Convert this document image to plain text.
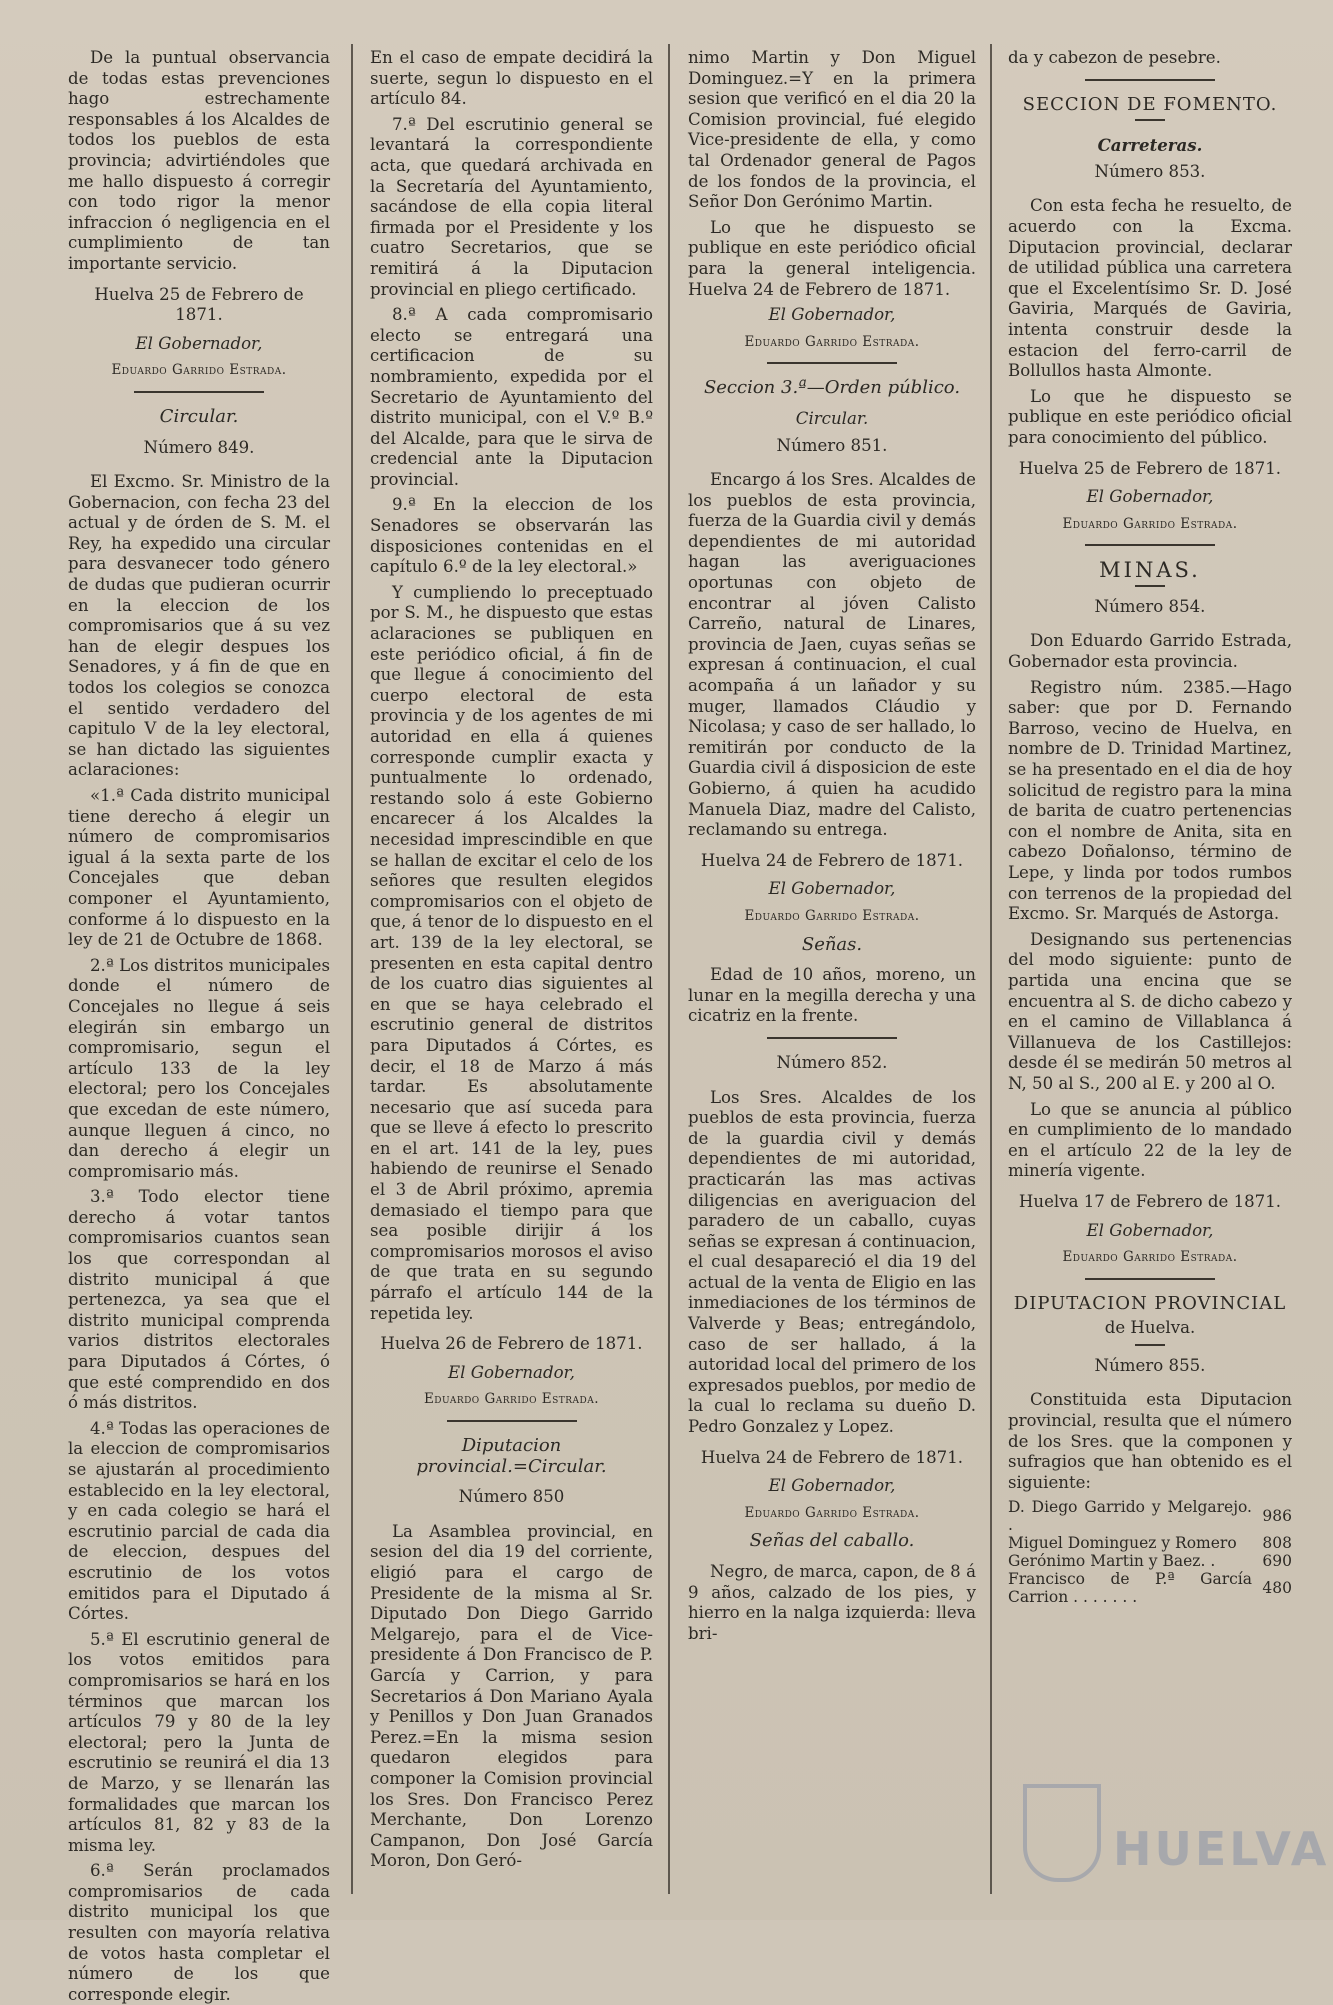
De la puntual observancia de todas estas prevenciones hago estrechamente responsables á los Alcaldes de todos los pueblos de esta provincia; advirtiéndoles que me hallo dispuesto á corregir con todo rigor la menor infraccion ó negligencia en el cumplimiento de tan importante servicio.

Huelva 25 de Febrero de 1871.

El Gobernador,

Eduardo Garrido Estrada.

Circular.

Número 849.

El Excmo. Sr. Ministro de la Gobernacion, con fecha 23 del actual y de órden de S. M. el Rey, ha expedido una circular para desvanecer todo género de dudas que pudieran ocurrir en la eleccion de los compromisarios que á su vez han de elegir despues los Senadores, y á fin de que en todos los colegios se conozca el sentido verdadero del capitulo V de la ley electoral, se han dictado las siguientes aclaraciones:

«1.ª Cada distrito municipal tiene derecho á elegir un número de compromisarios igual á la sexta parte de los Concejales que deban componer el Ayuntamiento, conforme á lo dispuesto en la ley de 21 de Octubre de 1868.

2.ª Los distritos municipales donde el número de Concejales no llegue á seis elegirán sin embargo un compromisario, segun el artículo 133 de la ley electoral; pero los Concejales que excedan de este número, aunque lleguen á cinco, no dan derecho á elegir un compromisario más.

3.ª Todo elector tiene derecho á votar tantos compromisarios cuantos sean los que correspondan al distrito municipal á que pertenezca, ya sea que el distrito municipal comprenda varios distritos electorales para Diputados á Córtes, ó que esté comprendido en dos ó más distritos.

4.ª Todas las operaciones de la eleccion de compromisarios se ajustarán al procedimiento establecido en la ley electoral, y en cada colegio se hará el escrutinio parcial de cada dia de eleccion, despues del escrutinio de los votos emitidos para el Diputado á Córtes.

5.ª El escrutinio general de los votos emitidos para compromisarios se hará en los términos que marcan los artículos 79 y 80 de la ley electoral; pero la Junta de escrutinio se reunirá el dia 13 de Marzo, y se llenarán las formalidades que marcan los artículos 81, 82 y 83 de la misma ley.

6.ª Serán proclamados compromisarios de cada distrito municipal los que resulten con mayoría relativa de votos hasta completar el número de los que corresponde elegir.

En el caso de empate decidirá la suerte, segun lo dispuesto en el artículo 84.

7.ª Del escrutinio general se levantará la correspondiente acta, que quedará archivada en la Secretaría del Ayuntamiento, sacándose de ella copia literal firmada por el Presidente y los cuatro Secretarios, que se remitirá á la Diputacion provincial en pliego certificado.

8.ª A cada compromisario electo se entregará una certificacion de su nombramiento, expedida por el Secretario de Ayuntamiento del distrito municipal, con el V.º B.º del Alcalde, para que le sirva de credencial ante la Diputacion provincial.

9.ª En la eleccion de los Senadores se observarán las disposiciones contenidas en el capítulo 6.º de la ley electoral.»

Y cumpliendo lo preceptuado por S. M., he dispuesto que estas aclaraciones se publiquen en este periódico oficial, á fin de que llegue á conocimiento del cuerpo electoral de esta provincia y de los agentes de mi autoridad en ella á quienes corresponde cumplir exacta y puntualmente lo ordenado, restando solo á este Gobierno encarecer á los Alcaldes la necesidad imprescindible en que se hallan de excitar el celo de los señores que resulten elegidos compromisarios con el objeto de que, á tenor de lo dispuesto en el art. 139 de la ley electoral, se presenten en esta capital dentro de los cuatro dias siguientes al en que se haya celebrado el escrutinio general de distritos para Diputados á Córtes, es decir, el 18 de Marzo á más tardar. Es absolutamente necesario que así suceda para que se lleve á efecto lo prescrito en el art. 141 de la ley, pues habiendo de reunirse el Senado el 3 de Abril próximo, apremia demasiado el tiempo para que sea posible dirijir á los compromisarios morosos el aviso de que trata en su segundo párrafo el artículo 144 de la repetida ley.

Huelva 26 de Febrero de 1871.

El Gobernador,

Eduardo Garrido Estrada.

Diputacion provincial.=Circular.

Número 850

La Asamblea provincial, en sesion del dia 19 del corriente, eligió para el cargo de Presidente de la misma al Sr. Diputado Don Diego Garrido Melgarejo, para el de Vice-presidente á Don Francisco de P. García y Carrion, y para Secretarios á Don Mariano Ayala y Penillos y Don Juan Granados Perez.=En la misma sesion quedaron elegidos para componer la Comision provincial los Sres. Don Francisco Perez Merchante, Don Lorenzo Campanon, Don José García Moron, Don Geró-

nimo Martin y Don Miguel Dominguez.=Y en la primera sesion que verificó en el dia 20 la Comision provincial, fué elegido Vice-presidente de ella, y como tal Ordenador general de Pagos de los fondos de la provincia, el Señor Don Gerónimo Martin.

Lo que he dispuesto se publique en este periódico oficial para la general inteligencia. Huelva 24 de Febrero de 1871.

El Gobernador,

Eduardo Garrido Estrada.

Seccion 3.ª—Orden público.

Circular.

Número 851.

Encargo á los Sres. Alcaldes de los pueblos de esta provincia, fuerza de la Guardia civil y demás dependientes de mi autoridad hagan las averiguaciones oportunas con objeto de encontrar al jóven Calisto Carreño, natural de Linares, provincia de Jaen, cuyas señas se expresan á continuacion, el cual acompaña á un lañador y su muger, llamados Cláudio y Nicolasa; y caso de ser hallado, lo remitirán por conducto de la Guardia civil á disposicion de este Gobierno, á quien ha acudido Manuela Diaz, madre del Calisto, reclamando su entrega.

Huelva 24 de Febrero de 1871.

El Gobernador,

Eduardo Garrido Estrada.

Señas.

Edad de 10 años, moreno, un lunar en la megilla derecha y una cicatriz en la frente.

Número 852.

Los Sres. Alcaldes de los pueblos de esta provincia, fuerza de la guardia civil y demás dependientes de mi autoridad, practicarán las mas activas diligencias en averiguacion del paradero de un caballo, cuyas señas se expresan á continuacion, el cual desapareció el dia 19 del actual de la venta de Eligio en las inmediaciones de los términos de Valverde y Beas; entregándolo, caso de ser hallado, á la autoridad local del primero de los expresados pueblos, por medio de la cual lo reclama su dueño D. Pedro Gonzalez y Lopez.

Huelva 24 de Febrero de 1871.

El Gobernador,

Eduardo Garrido Estrada.

Señas del caballo.

Negro, de marca, capon, de 8 á 9 años, calzado de los pies, y hierro en la nalga izquierda: lleva bri-

da y cabezon de pesebre.

SECCION DE FOMENTO.

Carreteras.

Número 853.

Con esta fecha he resuelto, de acuerdo con la Excma. Diputacion provincial, declarar de utilidad pública una carretera que el Excelentísimo Sr. D. José Gaviria, Marqués de Gaviria, intenta construir desde la estacion del ferro-carril de Bollullos hasta Almonte.

Lo que he dispuesto se publique en este periódico oficial para conocimiento del público.

Huelva 25 de Febrero de 1871.

El Gobernador,

Eduardo Garrido Estrada.

MINAS.

Número 854.

Don Eduardo Garrido Estrada, Gobernador esta provincia.

Registro núm. 2385.—Hago saber: que por D. Fernando Barroso, vecino de Huelva, en nombre de D. Trinidad Martinez, se ha presentado en el dia de hoy solicitud de registro para la mina de barita de cuatro pertenencias con el nombre de Anita, sita en cabezo Doñalonso, término de Lepe, y linda por todos rumbos con terrenos de la propiedad del Excmo. Sr. Marqués de Astorga.

Designando sus pertenencias del modo siguiente: punto de partida una encina que se encuentra al S. de dicho cabezo y en el camino de Villablanca á Villanueva de los Castillejos: desde él se medirán 50 metros al N, 50 al S., 200 al E. y 200 al O.

Lo que se anuncia al público en cumplimiento de lo mandado en el artículo 22 de la ley de minería vigente.

Huelva 17 de Febrero de 1871.

El Gobernador,

Eduardo Garrido Estrada.

DIPUTACION PROVINCIAL

de Huelva.

Número 855.

Constituida esta Diputacion provincial, resulta que el número de los Sres. que la componen y sufragios que han obtenido es el siguiente:

D. Diego Garrido y Melgarejo. .	986
Miguel Dominguez y Romero	808
Gerónimo Martin y Baez. .	690
Francisco de P.ª García Carrion . . . . . . .	480
HUELVA
